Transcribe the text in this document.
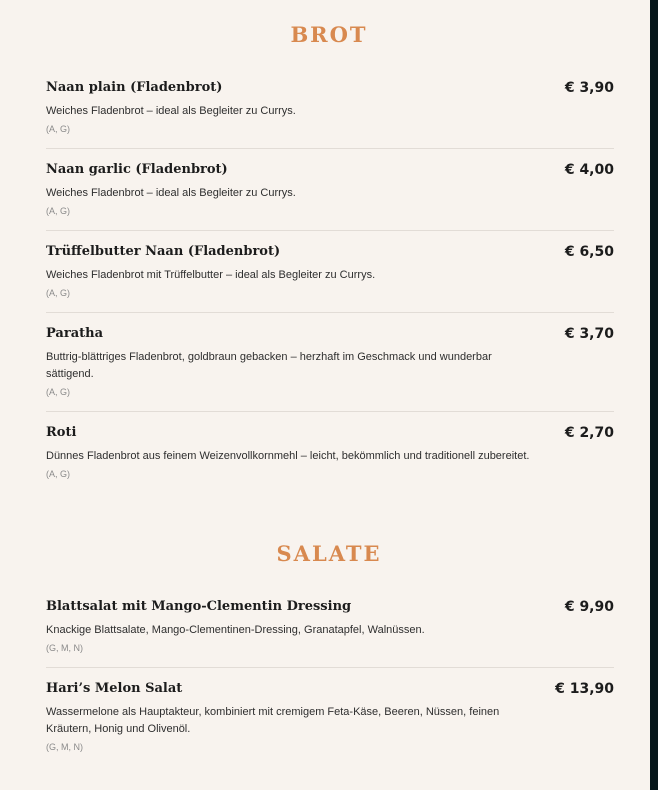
BROT
Naan plain (Fladenbrot)	€ 3,90
Weiches Fladenbrot – ideal als Begleiter zu Currys.
(A, G)
Naan garlic (Fladenbrot)	€ 4,00
Weiches Fladenbrot – ideal als Begleiter zu Currys.
(A, G)
Trüffelbutter Naan (Fladenbrot)	€ 6,50
Weiches Fladenbrot mit Trüffelbutter – ideal als Begleiter zu Currys.
(A, G)
Paratha	€ 3,70
Buttrig-blättriges Fladenbrot, goldbraun gebacken – herzhaft im Geschmack und wunderbar sättigend.
(A, G)
Roti	€ 2,70
Dünnes Fladenbrot aus feinem Weizenvollkornmehl – leicht, bekömmlich und traditionell zubereitet.
(A, G)
SALATE
Blattsalat mit Mango-Clementin Dressing	€ 9,90
Knackige Blattsalate, Mango-Clementinen-Dressing, Granatapfel, Walnüssen.
(G, M, N)
Hari’s Melon Salat	€ 13,90
Wassermelone als Hauptakteur, kombiniert mit cremigem Feta-Käse, Beeren, Nüssen, feinen Kräutern, Honig und Olivenöl.
(G, M, N)
